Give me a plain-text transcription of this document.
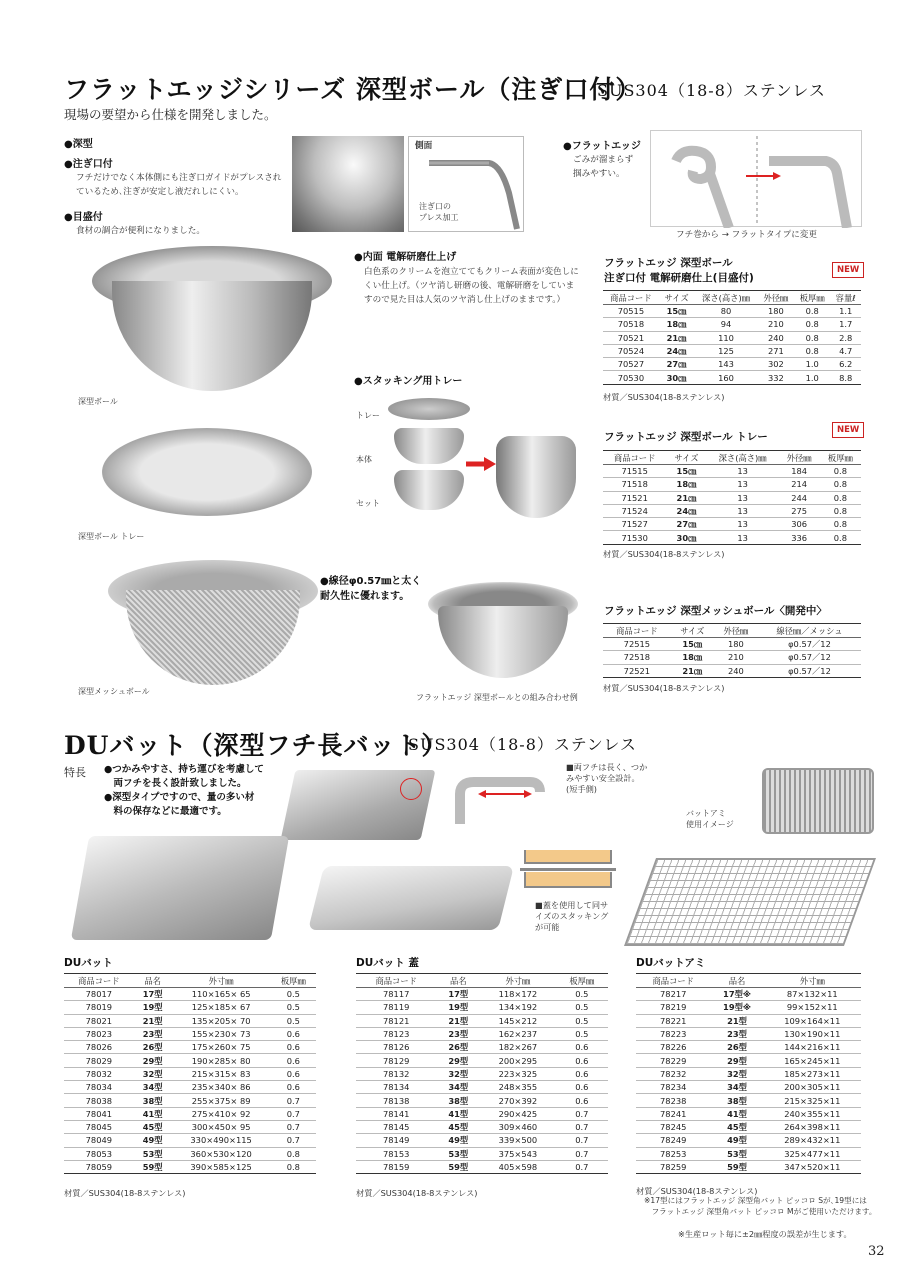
フラットエッジシリーズ 深型ボール（注ぎ口付）
SUS304（18-8）ステンレス
現場の要望から仕様を開発しました。
●深型
●注ぎ口付
フチだけでなく本体側にも注ぎ口ガイドがプレスされているため､注ぎが安定し液だれしにくい｡
●目盛付
食材の調合が便利になりました。
側面
注ぎ口の
プレス加工
●フラットエッジ
ごみが溜まらず
掴みやすい。
フチ巻から → フラットタイプに変更
深型ボール
●内面 電解研磨仕上げ
白色系のクリームを泡立ててもクリーム表面が変色しにくい仕上げ。（ツヤ消し研磨の後、電解研磨をしていますので見た目は人気のツヤ消し仕上げのままです。）
フラットエッジ 深型ボール
注ぎ口付 電解研磨仕上(目盛付)
NEW
商品コード	サイズ	深さ(高さ)㎜	外径㎜	板厚㎜	容量ℓ
70515	15㎝	80	180	0.8	1.1
70518	18㎝	94	210	0.8	1.7
70521	21㎝	110	240	0.8	2.8
70524	24㎝	125	271	0.8	4.7
70527	27㎝	143	302	1.0	6.2
70530	30㎝	160	332	1.0	8.8
材質／SUS304(18-8ステンレス)
●スタッキング用トレー
トレー
本体
セット
フラットエッジ 深型ボール トレー
NEW
商品コード	サイズ	深さ(高さ)㎜	外径㎜	板厚㎜
71515	15㎝	13	184	0.8
71518	18㎝	13	214	0.8
71521	21㎝	13	244	0.8
71524	24㎝	13	275	0.8
71527	27㎝	13	306	0.8
71530	30㎝	13	336	0.8
材質／SUS304(18-8ステンレス)
深型ボール トレー
深型メッシュボール
●線径φ0.57㎜と太く
耐久性に優れます。
フラットエッジ 深型ボールとの組み合わせ例
フラットエッジ 深型メッシュボール〈開発中〉
商品コード	サイズ	外径㎜	線径㎜／メッシュ
72515	15㎝	180	φ0.57／12
72518	18㎝	210	φ0.57／12
72521	21㎝	240	φ0.57／12
材質／SUS304(18-8ステンレス)
DUバット（深型フチ長バット）
SUS304（18-8）ステンレス
特長 ●つかみやすさ、持ち運びを考慮して
　両フチを長く設計致しました。
●深型タイプですので、量の多い材
　料の保存などに最適です。
■両フチは長く、つか
みやすい安全設計。
(短手側)
バットアミ
使用イメージ
■蓋を使用して同サ
イズのスタッキング
が可能
DUバット
商品コード	品名	外寸㎜	板厚㎜
78017	17型	110×165× 65	0.5
78019	19型	125×185× 67	0.5
78021	21型	135×205× 70	0.5
78023	23型	155×230× 73	0.6
78026	26型	175×260× 75	0.6
78029	29型	190×285× 80	0.6
78032	32型	215×315× 83	0.6
78034	34型	235×340× 86	0.6
78038	38型	255×375× 89	0.7
78041	41型	275×410× 92	0.7
78045	45型	300×450× 95	0.7
78049	49型	330×490×115	0.7
78053	53型	360×530×120	0.8
78059	59型	390×585×125	0.8
材質／SUS304(18-8ステンレス)
DUバット 蓋
商品コード	品名	外寸㎜	板厚㎜
78117	17型	118×172	0.5
78119	19型	134×192	0.5
78121	21型	145×212	0.5
78123	23型	162×237	0.5
78126	26型	182×267	0.6
78129	29型	200×295	0.6
78132	32型	223×325	0.6
78134	34型	248×355	0.6
78138	38型	270×392	0.6
78141	41型	290×425	0.7
78145	45型	309×460	0.7
78149	49型	339×500	0.7
78153	53型	375×543	0.7
78159	59型	405×598	0.7
材質／SUS304(18-8ステンレス)
DUバットアミ
商品コード	品名	外寸㎜
78217	17型※	87×132×11
78219	19型※	99×152×11
78221	21型	109×164×11
78223	23型	130×190×11
78226	26型	144×216×11
78229	29型	165×245×11
78232	32型	185×273×11
78234	34型	200×305×11
78238	38型	215×325×11
78241	41型	240×355×11
78245	45型	264×398×11
78249	49型	289×432×11
78253	53型	325×477×11
78259	59型	347×520×11
材質／SUS304(18-8ステンレス)
※17型にはフラットエッジ 深型角バット ピッコロ Sが､19型には
　フラットエッジ 深型角バット ピッコロ Mがご使用いただけます。
※生産ロット毎に±2㎜程度の誤差が生じます。
32
